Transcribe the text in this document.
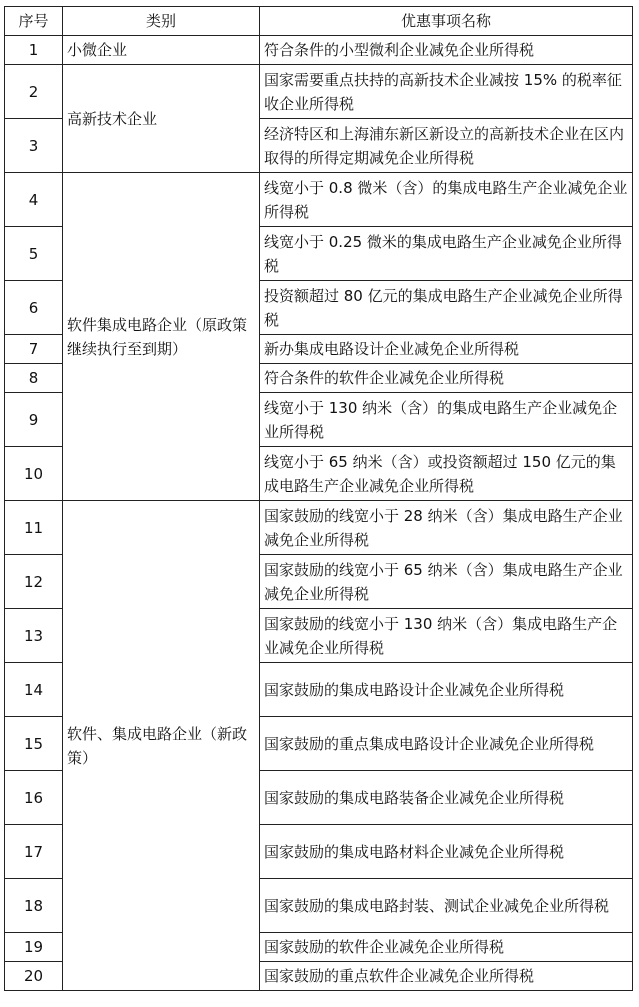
序号	类别	优惠事项名称
1	小微企业	符合条件的小型微利企业减免企业所得税
2	高新技术企业	国家需要重点扶持的高新技术企业减按 15% 的税率征收企业所得税
3		经济特区和上海浦东新区新设立的高新技术企业在区内取得的所得定期减免企业所得税
4	软件集成电路企业（原政策继续执行至到期）	线宽小于 0.8 微米（含）的集成电路生产企业减免企业所得税
5		线宽小于 0.25 微米的集成电路生产企业减免企业所得税
6		投资额超过 80 亿元的集成电路生产企业减免企业所得税
7		新办集成电路设计企业减免企业所得税
8		符合条件的软件企业减免企业所得税
9		线宽小于 130 纳米（含）的集成电路生产企业减免企业所得税
10		线宽小于 65 纳米（含）或投资额超过 150 亿元的集成电路生产企业减免企业所得税
11	软件、集成电路企业（新政策）	国家鼓励的线宽小于 28 纳米（含）集成电路生产企业减免企业所得税
12		国家鼓励的线宽小于 65 纳米（含）集成电路生产企业减免企业所得税
13		国家鼓励的线宽小于 130 纳米（含）集成电路生产企业减免企业所得税
14		国家鼓励的集成电路设计企业减免企业所得税
15		国家鼓励的重点集成电路设计企业减免企业所得税
16		国家鼓励的集成电路装备企业减免企业所得税
17		国家鼓励的集成电路材料企业减免企业所得税
18		国家鼓励的集成电路封装、测试企业减免企业所得税
19		国家鼓励的软件企业减免企业所得税
20		国家鼓励的重点软件企业减免企业所得税
